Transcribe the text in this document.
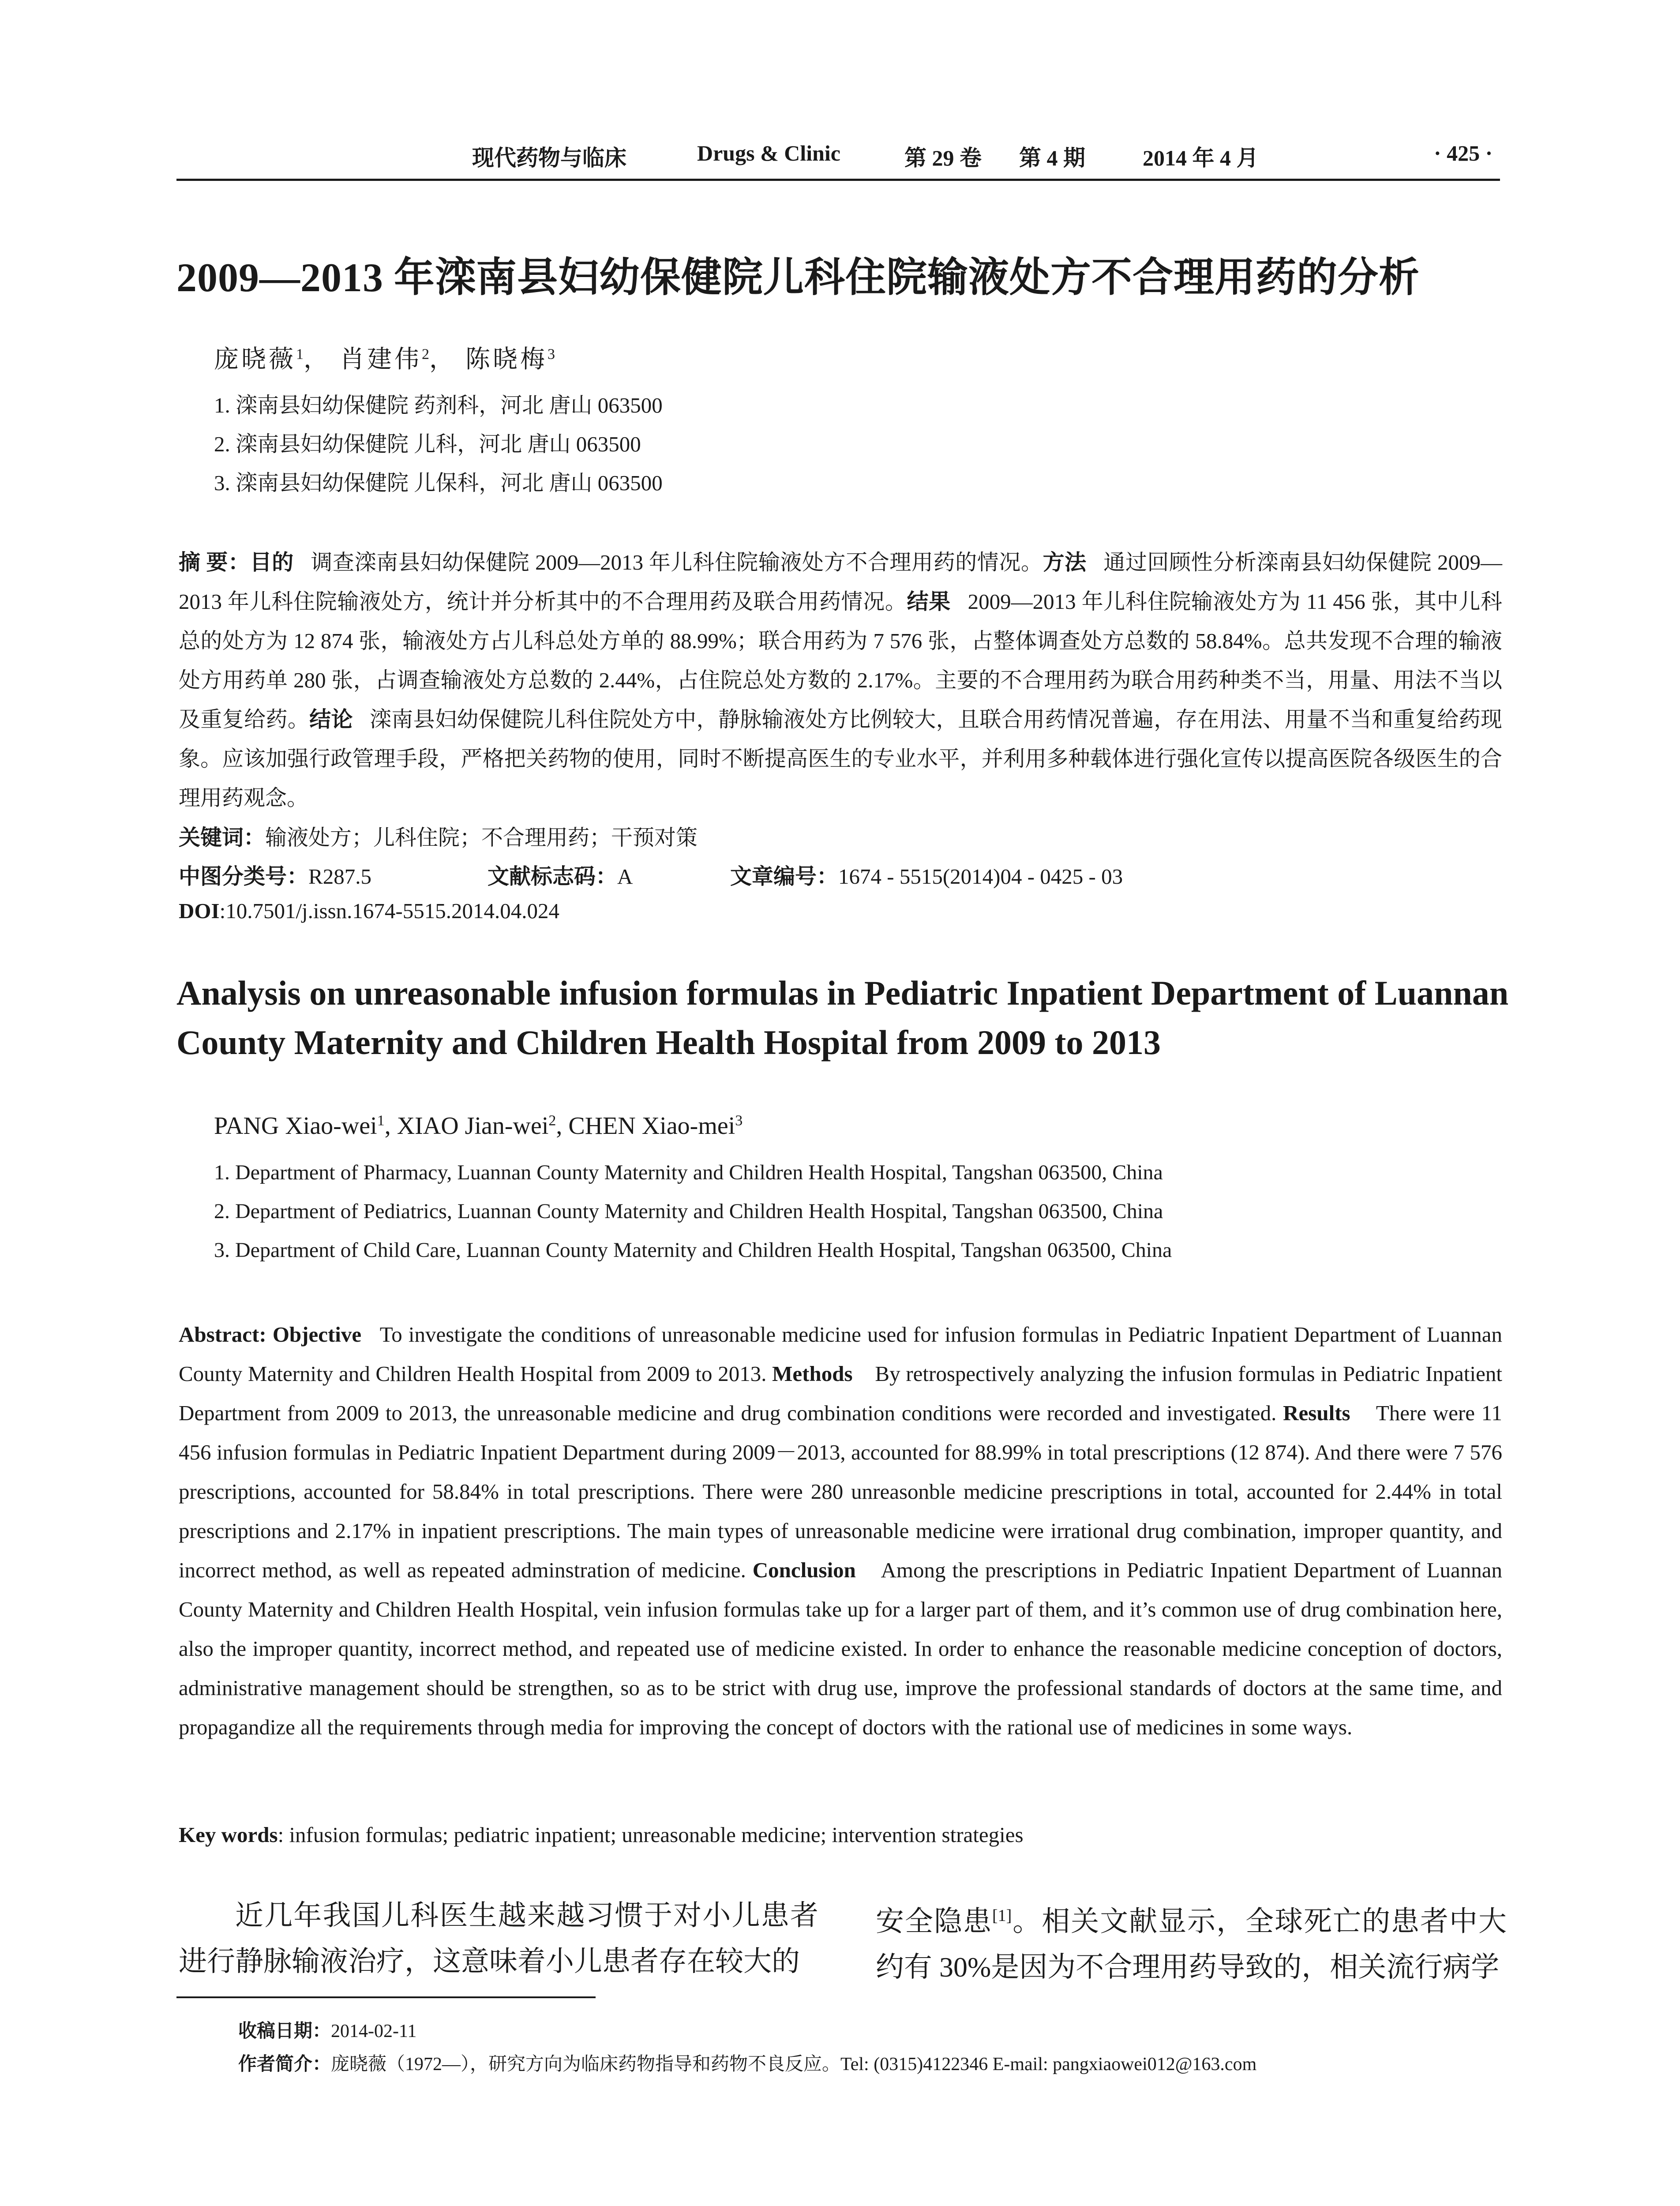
现代药物与临床	Drugs & Clinic	第 29 卷 第 4 期	2014 年 4 月	· 425 ·
2009—2013 年滦南县妇幼保健院儿科住院输液处方不合理用药的分析
庞晓薇$^1$， 肖建伟$^2$， 陈晓梅$^3$
1. 滦南县妇幼保健院 药剂科，河北 唐山 063500
2. 滦南县妇幼保健院 儿科，河北 唐山 063500
3. 滦南县妇幼保健院 儿保科，河北 唐山 063500
摘 要：目的 调查滦南县妇幼保健院 2009—2013 年儿科住院输液处方不合理用药的情况。方法 通过回顾性分析滦南县妇幼保健院 2009—2013 年儿科住院输液处方，统计并分析其中的不合理用药及联合用药情况。结果 2009—2013 年儿科住院输液处方为 11 456 张，其中儿科总的处方为 12 874 张，输液处方占儿科总处方单的 88.99%；联合用药为 7 576 张，占整体调查处方总数的 58.84%。总共发现不合理的输液处方用药单 280 张，占调查输液处方总数的 2.44%，占住院总处方数的 2.17%。主要的不合理用药为联合用药种类不当，用量、用法不当以及重复给药。结论 滦南县妇幼保健院儿科住院处方中，静脉输液处方比例较大，且联合用药情况普遍，存在用法、用量不当和重复给药现象。应该加强行政管理手段，严格把关药物的使用，同时不断提高医生的专业水平，并利用多种载体进行强化宣传以提高医院各级医生的合理用药观念。
关键词：输液处方；儿科住院；不合理用药；干预对策
中图分类号：R287.5	文献标志码：A	文章编号：1674 - 5515(2014)04 - 0425 - 03
DOI:10.7501/j.issn.1674-5515.2014.04.024
Analysis on unreasonable infusion formulas in Pediatric Inpatient Department of Luannan County Maternity and Children Health Hospital from 2009 to 2013
PANG Xiao-wei$^1$, XIAO Jian-wei$^2$, CHEN Xiao-mei$^3$
1. Department of Pharmacy, Luannan County Maternity and Children Health Hospital, Tangshan 063500, China
2. Department of Pediatrics, Luannan County Maternity and Children Health Hospital, Tangshan 063500, China
3. Department of Child Care, Luannan County Maternity and Children Health Hospital, Tangshan 063500, China
Abstract: Objective To investigate the conditions of unreasonable medicine used for infusion formulas in Pediatric Inpatient Department of Luannan County Maternity and Children Health Hospital from 2009 to 2013. Methods By retrospectively analyzing the infusion formulas in Pediatric Inpatient Department from 2009 to 2013, the unreasonable medicine and drug combination conditions were recorded and investigated. Results There were 11 456 infusion formulas in Pediatric Inpatient Department during 2009－2013, accounted for 88.99% in total prescriptions (12 874). And there were 7 576 prescriptions, accounted for 58.84% in total prescriptions. There were 280 unreasonble medicine prescriptions in total, accounted for 2.44% in total prescriptions and 2.17% in inpatient prescriptions. The main types of unreasonable medicine were irrational drug combination, improper quantity, and incorrect method, as well as repeated adminstration of medicine. Conclusion Among the prescriptions in Pediatric Inpatient Department of Luannan County Maternity and Children Health Hospital, vein infusion formulas take up for a larger part of them, and it’s common use of drug combination here, also the improper quantity, incorrect method, and repeated use of medicine existed. In order to enhance the reasonable medicine conception of doctors, administrative management should be strengthen, so as to be strict with drug use, improve the professional standards of doctors at the same time, and propagandize all the requirements through media for improving the concept of doctors with the rational use of medicines in some ways.
Key words: infusion formulas; pediatric inpatient; unreasonable medicine; intervention strategies
近几年我国儿科医生越来越习惯于对小儿患者进行静脉输液治疗，这意味着小儿患者存在较大的
安全隐患[1]。相关文献显示，全球死亡的患者中大约有 30%是因为不合理用药导致的，相关流行病学
收稿日期：2014-02-11
作者简介：庞晓薇（1972—），研究方向为临床药物指导和药物不良反应。Tel: (0315)4122346 E-mail: pangxiaowei012@163.com
